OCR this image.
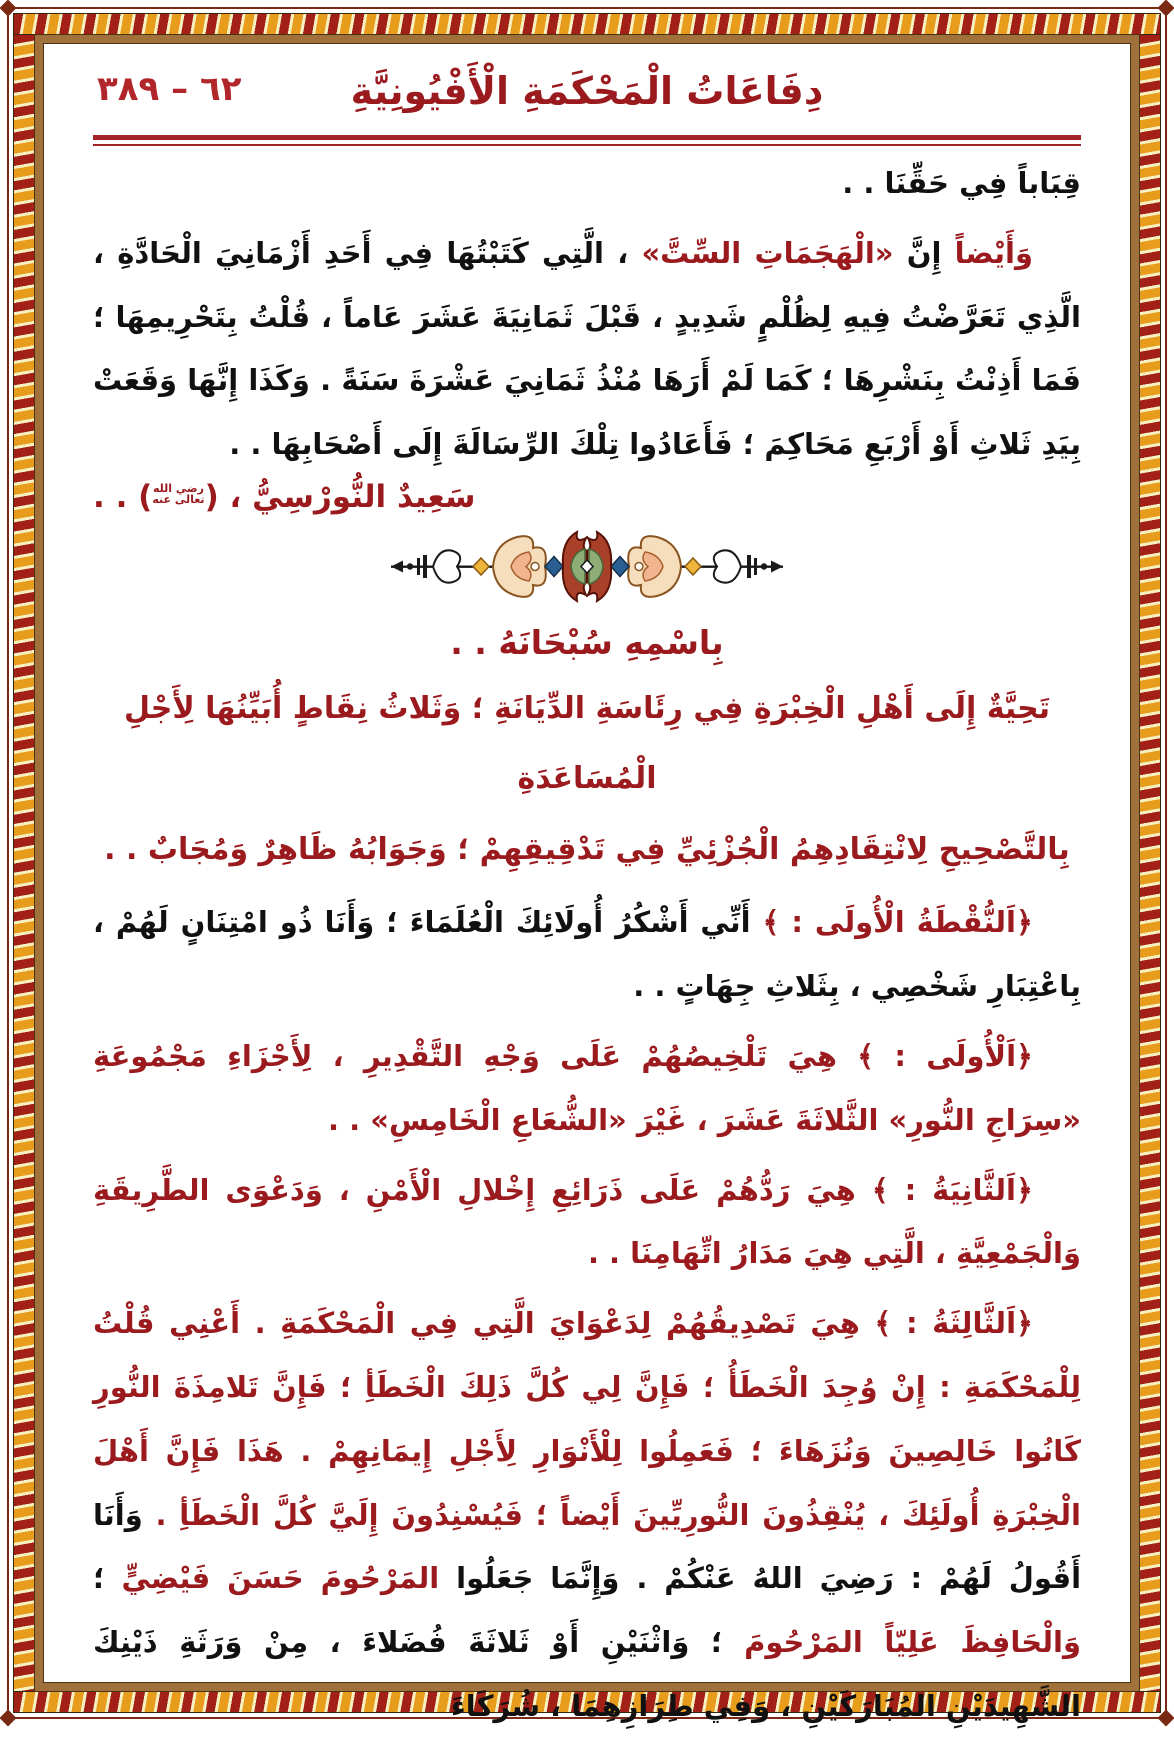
٦٢ – ٣٨٩	دِفَاعَاتُ الْمَحْكَمَةِ الْأَفْيُونِيَّةِ

قِبَاباً فِي حَقِّنَا . .

وَأَيْضاً إِنَّ «الْهَجَمَاتِ السِّتَّ» ، الَّتِي كَتَبْتُهَا فِي أَحَدِ أَزْمَانِيَ الْحَادَّةِ ، الَّذِي تَعَرَّضْتُ فِيهِ لِظُلْمٍ شَدِيدٍ ، قَبْلَ ثَمَانِيَةَ عَشَرَ عَاماً ، قُلْتُ بِتَحْرِيمِهَا ؛ فَمَا أَذِنْتُ بِنَشْرِهَا ؛ كَمَا لَمْ أَرَهَا مُنْذُ ثَمَانِيَ عَشْرَةَ سَنَةً . وَكَذَا إِنَّهَا وَقَعَتْ بِيَدِ ثَلاثِ أَوْ أَرْبَعِ مَحَاكِمَ ؛ فَأَعَادُوا تِلْكَ الرِّسَالَةَ إِلَى أَصْحَابِهَا . .

سَعِيدٌ النُّورْسِيُّ ، (
رضي الله
تعالى عنه
) . .
بِاسْمِهِ سُبْحَانَهُ . .
تَحِيَّةٌ إِلَى أَهْلِ الْخِبْرَةِ فِي رِئَاسَةِ الدِّيَانَةِ ؛ وَثَلاثُ نِقَاطٍ أُبَيِّنُهَا لِأَجْلِ الْمُسَاعَدَةِ
بِالتَّصْحِيحِ لِانْتِقَادِهِمُ الْجُزْئِيِّ فِي تَدْقِيقِهِمْ ؛ وَجَوَابُهُ ظَاهِرٌ وَمُجَابٌ . .

﴿اَلنُّقْطَةُ الْأُولَى : ﴾ أَنِّي أَشْكُرُ أُولَائِكَ الْعُلَمَاءَ ؛ وَأَنَا ذُو امْتِنَانٍ لَهُمْ ، بِاعْتِبَارِ شَخْصِي ، بِثَلاثِ جِهَاتٍ . .

﴿اَلْأُولَى : ﴾ هِيَ تَلْخِيصُهُمْ عَلَى وَجْهِ التَّقْدِيرِ ، لِأَجْزَاءِ مَجْمُوعَةِ «سِرَاجِ النُّورِ» الثَّلاثَةَ عَشَرَ ، غَيْرَ «الشُّعَاعِ الْخَامِسِ» . .

﴿اَلثَّانِيَةُ : ﴾ هِيَ رَدُّهُمْ عَلَى ذَرَائِعِ إِخْلالِ الْأَمْنِ ، وَدَعْوَى الطَّرِيقَةِ وَالْجَمْعِيَّةِ ، الَّتِي هِيَ مَدَارُ اتِّهَامِنَا . .

﴿اَلثَّالِثَةُ : ﴾ هِيَ تَصْدِيقُهُمْ لِدَعْوَايَ الَّتِي فِي الْمَحْكَمَةِ . أَعْنِي قُلْتُ لِلْمَحْكَمَةِ : إِنْ وُجِدَ الْخَطَأُ ؛ فَإِنَّ لِي كُلَّ ذَلِكَ الْخَطَأِ ؛ فَإِنَّ تَلامِذَةَ النُّورِ كَانُوا خَالِصِينَ وَنُزَهَاءَ ؛ فَعَمِلُوا لِلْأَنْوَارِ لِأَجْلِ إِيمَانِهِمْ . هَذَا فَإِنَّ أَهْلَ الْخِبْرَةِ أُولَئِكَ ، يُنْقِذُونَ النُّورِيِّينَ أَيْضاً ؛ فَيُسْنِدُونَ إِلَيَّ كُلَّ الْخَطَأِ . وَأَنَا أَقُولُ لَهُمْ : رَضِيَ اللهُ عَنْكُمْ . وَإِنَّمَا جَعَلُوا المَرْحُومَ حَسَنَ فَيْضِيٍّ ؛ وَالْحَافِظَ عَلِيّاً المَرْحُومَ ؛ وَاثْنَيْنِ أَوْ ثَلاثَةَ فُضَلاءَ ، مِنْ وَرَثَةِ ذَيْنِكَ الشَّهِيدَيْنِ المُبَارَكَيْنِ ، وَفِي طِرَازِهِمَا ، شُرَكَاءَ
